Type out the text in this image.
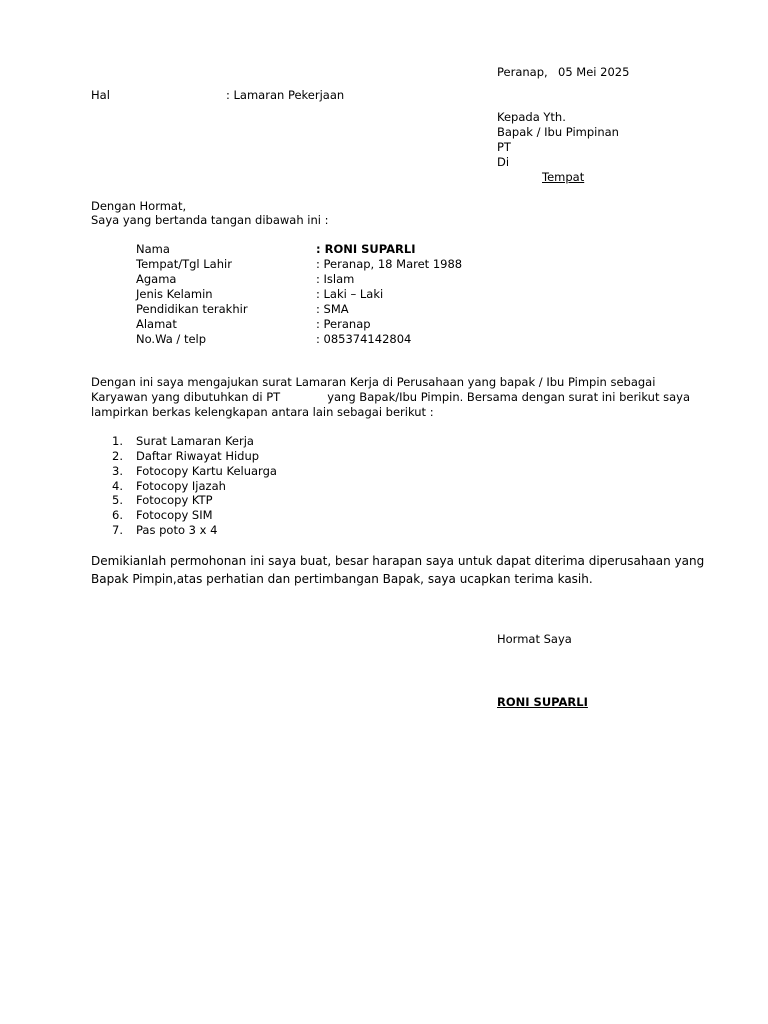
Peranap, 05 Mei 2025
Hal	: Lamaran Pekerjaan
Kepada Yth.
Bapak / Ibu Pimpinan
PT
Di
Tempat
Dengan Hormat,
Saya yang bertanda tangan dibawah ini :
Nama	: RONI SUPARLI
Tempat/Tgl Lahir	: Peranap, 18 Maret 1988
Agama	: Islam
Jenis Kelamin	: Laki – Laki
Pendidikan terakhir	: SMA
Alamat	: Peranap
No.Wa / telp	: 085374142804
Dengan ini saya mengajukan surat Lamaran Kerja di Perusahaan yang bapak / Ibu Pimpin sebagai
Karyawan yang dibutuhkan di PT	yang Bapak/Ibu Pimpin. Bersama dengan surat ini berikut saya
lampirkan berkas kelengkapan antara lain sebagai berikut :
1. Surat Lamaran Kerja
2. Daftar Riwayat Hidup
3. Fotocopy Kartu Keluarga
4. Fotocopy Ijazah
5. Fotocopy KTP
6. Fotocopy SIM
7. Pas poto 3 x 4
Demikianlah permohonan ini saya buat, besar harapan saya untuk dapat diterima diperusahaan yang
Bapak Pimpin,atas perhatian dan pertimbangan Bapak, saya ucapkan terima kasih.
Hormat Saya
RONI SUPARLI
